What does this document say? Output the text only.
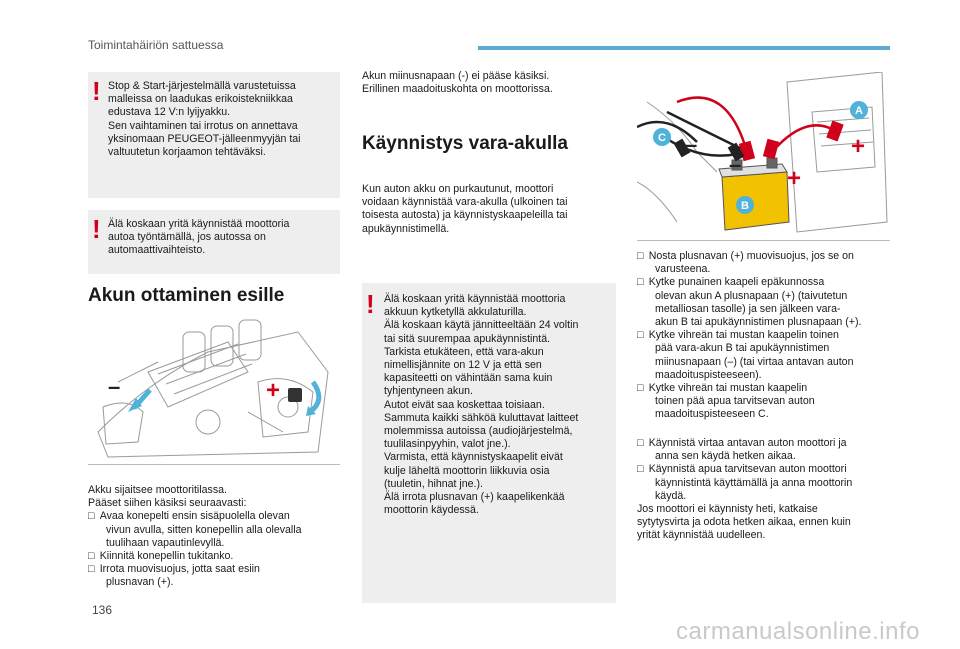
Toimintahäiriön sattuessa
! Stop & Start-järjestelmällä varustetuissa
malleissa on laadukas erikoistekniikkaa
edustava 12 V:n lyijyakku.
Sen vaihtaminen tai irrotus on annettava
yksinomaan PEUGEOT-jälleenmyyjän tai
valtuutetun korjaamon tehtäväksi.
! Älä koskaan yritä käynnistää moottoria
autoa työntämällä, jos autossa on
automaattivaihteisto.
Akun ottaminen esille
–	+
Akku sijaitsee moottoritilassa.
Pääset siihen käsiksi seuraavasti:
□ Avaa konepelti ensin sisäpuolella olevan
vivun avulla, sitten konepellin alla olevalla
tuulihaan vapautinlevyllä.
□ Kiinnitä konepellin tukitanko.
□ Irrota muovisuojus, jotta saat esiin
plusnavan (+).
Akun miinusnapaan (-) ei pääse käsiksi.
Erillinen maadoituskohta on moottorissa.
Käynnistys vara-akulla
Kun auton akku on purkautunut, moottori
voidaan käynnistää vara-akulla (ulkoinen tai
toisesta autosta) ja käynnistyskaapeleilla tai
apukäynnistimellä.
! Älä koskaan yritä käynnistää moottoria
akkuun kytketyllä akkulaturilla.
Älä koskaan käytä jännitteeltään 24 voltin
tai sitä suurempaa apukäynnistintä.
Tarkista etukäteen, että vara-akun
nimellisjännite on 12 V ja että sen
kapasiteetti on vähintään sama kuin
tyhjentyneen akun.
Autot eivät saa koskettaa toisiaan.
Sammuta kaikki sähköä kuluttavat laitteet
molemmissa autoissa (audiojärjestelmä,
tuulilasinpyyhin, valot jne.).
Varmista, että käynnistyskaapelit eivät
kulje läheltä moottorin liikkuvia osia
(tuuletin, hihnat jne.).
Älä irrota plusnavan (+) kaapelikenkää
moottorin käydessä.
–
–
+
+
A
B
C
□ Nosta plusnavan (+) muovisuojus, jos se on
varusteena.
□ Kytke punainen kaapeli epäkunnossa
olevan akun A plusnapaan (+) (taivutetun
metalliosan tasolle) ja sen jälkeen vara-
akun B tai apukäynnistimen plusnapaan (+).
□ Kytke vihreän tai mustan kaapelin toinen
pää vara-akun B tai apukäynnistimen
miinusnapaan (–) (tai virtaa antavan auton
maadoituspisteeseen).
□ Kytke vihreän tai mustan kaapelin
toinen pää apua tarvitsevan auton
maadoituspisteeseen C.
□ Käynnistä virtaa antavan auton moottori ja
anna sen käydä hetken aikaa.
□ Käynnistä apua tarvitsevan auton moottori
käynnistintä käyttämällä ja anna moottorin
käydä.
Jos moottori ei käynnisty heti, katkaise
sytytysvirta ja odota hetken aikaa, ennen kuin
yrität käynnistää uudelleen.
136
carmanualsonline.info
